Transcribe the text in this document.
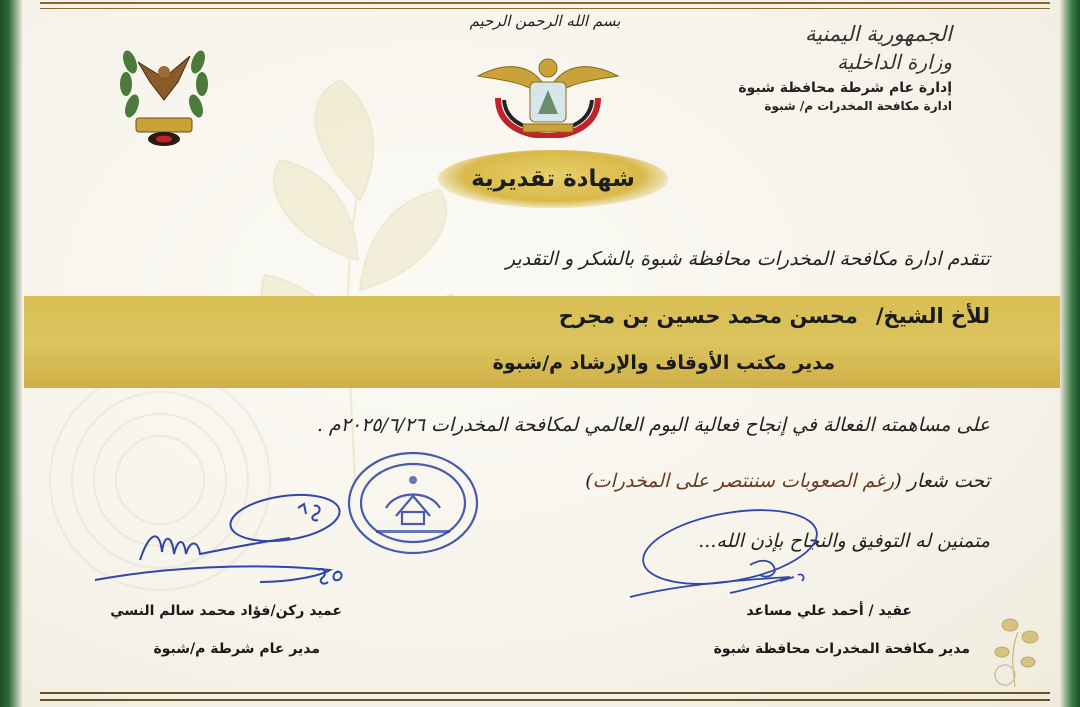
الجمهورية اليمنية
وزارة الداخلية
إدارة عام شرطة محافظة شبوة
ادارة مكافحة المخدرات م/ شبوة
بسم الله الرحمن الرحيم
شهادة تقديرية
تتقدم ادارة مكافحة المخدرات محافظة شبوة بالشكر و التقدير
للأخ الشيخ/محسن محمد حسين بن مجرح
مدير مكتب الأوقاف والإرشاد م/شبوة
على مساهمته الفعالة في إنجاح فعالية اليوم العالمي لمكافحة المخدرات ٢٠٢٥/٦/٢٦م .
تحت شعار (رغم الصعوبات سننتصر على المخدرات)
متمنين له التوفيق والنجاح بإذن الله...
عميد ركن/فؤاد محمد سالم النسي
مدير عام شرطة م/شبوة
عقيد / أحمد علي مساعد
مدير مكافحة المخدرات محافظة شبوة
